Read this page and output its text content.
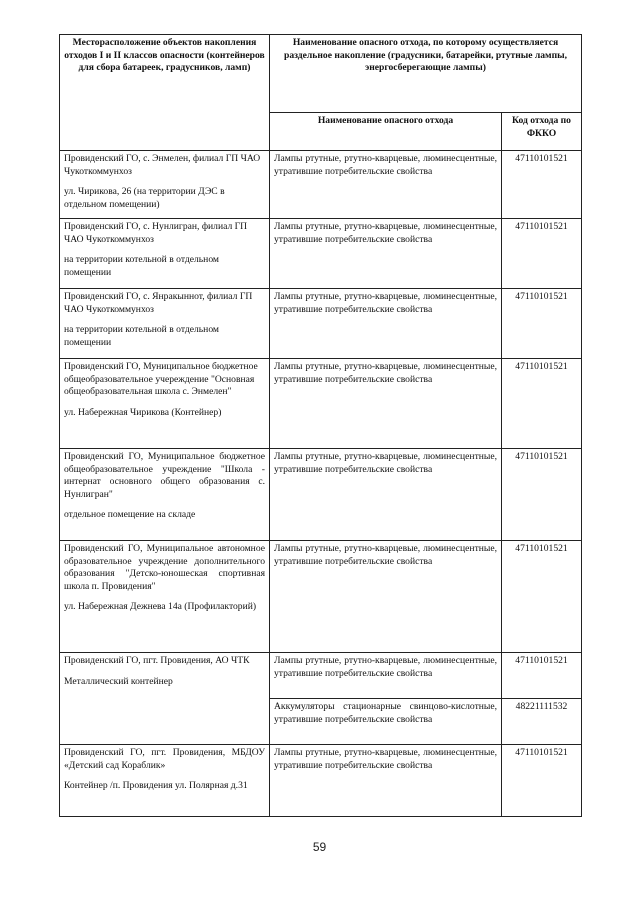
Месторасположение объектов накопления отходов I и II классов опасности (контейнеров для сбора батареек, градусников, ламп)	Наименование опасного отхода, по которому осуществляется раздельное накопление (градусники, батарейки, ртутные лампы, энергосберегающие лампы)	
	Наименование опасного отхода	Код отхода по ФККО

Провиденский ГО, с. Энмелен, филиал ГП ЧАО Чукоткоммунхоз
ул. Чирикова, 26 (на территории ДЭС в отдельном помещении)	Лампы ртутные, ртутно-кварцевые, люминесцентные, утратившие потребительские свойства	47110101521

Провиденский ГО, с. Нунлигран, филиал ГП ЧАО Чукоткоммунхоз
на территории котельной в отдельном помещении	Лампы ртутные, ртутно-кварцевые, люминесцентные, утратившие потребительские свойства	47110101521

Провиденский ГО, с. Янракыннот, филиал ГП ЧАО Чукоткоммунхоз
на территории котельной в отдельном помещении	Лампы ртутные, ртутно-кварцевые, люминесцентные, утратившие потребительские свойства	47110101521

Провиденский ГО, Муниципальное бюджетное общеобразовательное учереждение "Основная общеобразовательная школа с. Энмелен"
ул. Набережная Чирикова (Контейнер)	Лампы ртутные, ртутно-кварцевые, люминесцентные, утратившие потребительские свойства	47110101521

Провиденский ГО, Муниципальное бюджетное общеобразовательное учреждение "Школа - интернат основного общего образования с. Нунлигран"
отдельное помещение на складе	Лампы ртутные, ртутно-кварцевые, люминесцентные, утратившие потребительские свойства	47110101521

Провиденский ГО, Муниципальное автономное образовательное учреждение дополнительного образования "Детско-юношеская спортивная школа п. Провидения"
ул. Набережная Дежнева 14а (Профилакторий)	Лампы ртутные, ртутно-кварцевые, люминесцентные, утратившие потребительские свойства	47110101521

Провиденский ГО, пгт. Провидения, АО ЧТК
Металлический контейнер	Лампы ртутные, ртутно-кварцевые, люминесцентные, утратившие потребительские свойства	47110101521
	Аккумуляторы стационарные свинцово-кислотные, утратившие потребительские свойства	48221111532

Провиденский ГО, пгт. Провидения, МБДОУ «Детский сад Кораблик»
Контейнер /п. Провидения ул. Полярная д.31	Лампы ртутные, ртутно-кварцевые, люминесцентные, утратившие потребительские свойства	47110101521
59
